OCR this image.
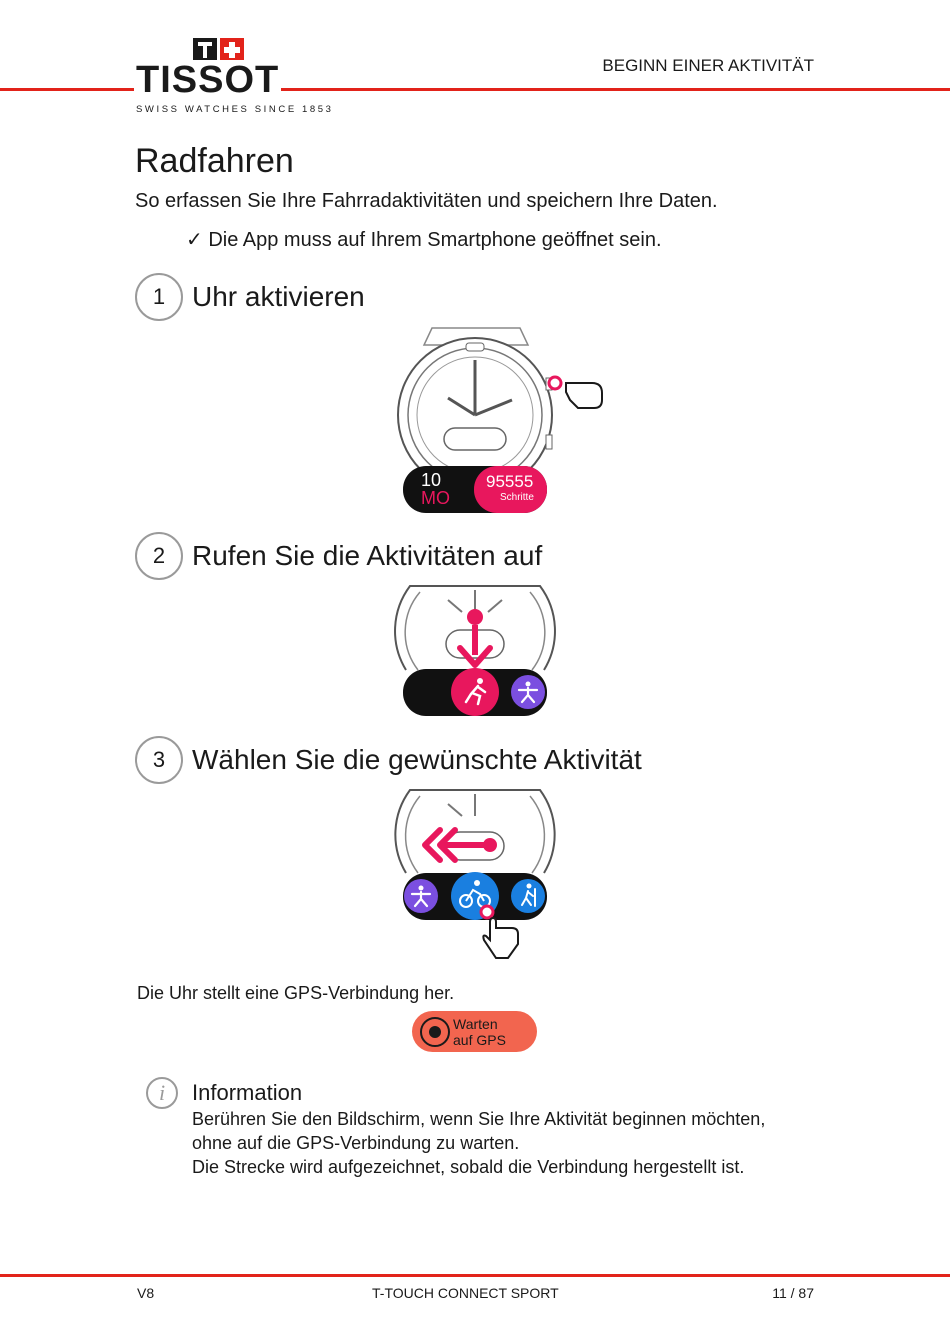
TISSOT
SWISS WATCHES SINCE 1853
BEGINN EINER AKTIVITÄT
Radfahren
So erfassen Sie Ihre Fahrradaktivitäten und speichern Ihre Daten.
✓ Die App muss auf Ihrem Smartphone geöffnet sein.
1 Uhr aktivieren
10
MO
95555
Schritte
2 Rufen Sie die Aktivitäten auf
3 Wählen Sie die gewünschte Aktivität
Die Uhr stellt eine GPS-Verbindung her.
Warten
auf GPS
i	Information
Berühren Sie den Bildschirm, wenn Sie Ihre Aktivität beginnen möchten,
ohne auf die GPS-Verbindung zu warten.
Die Strecke wird aufgezeichnet, sobald die Verbindung hergestellt ist.
V8	T-TOUCH CONNECT SPORT	11 / 87
